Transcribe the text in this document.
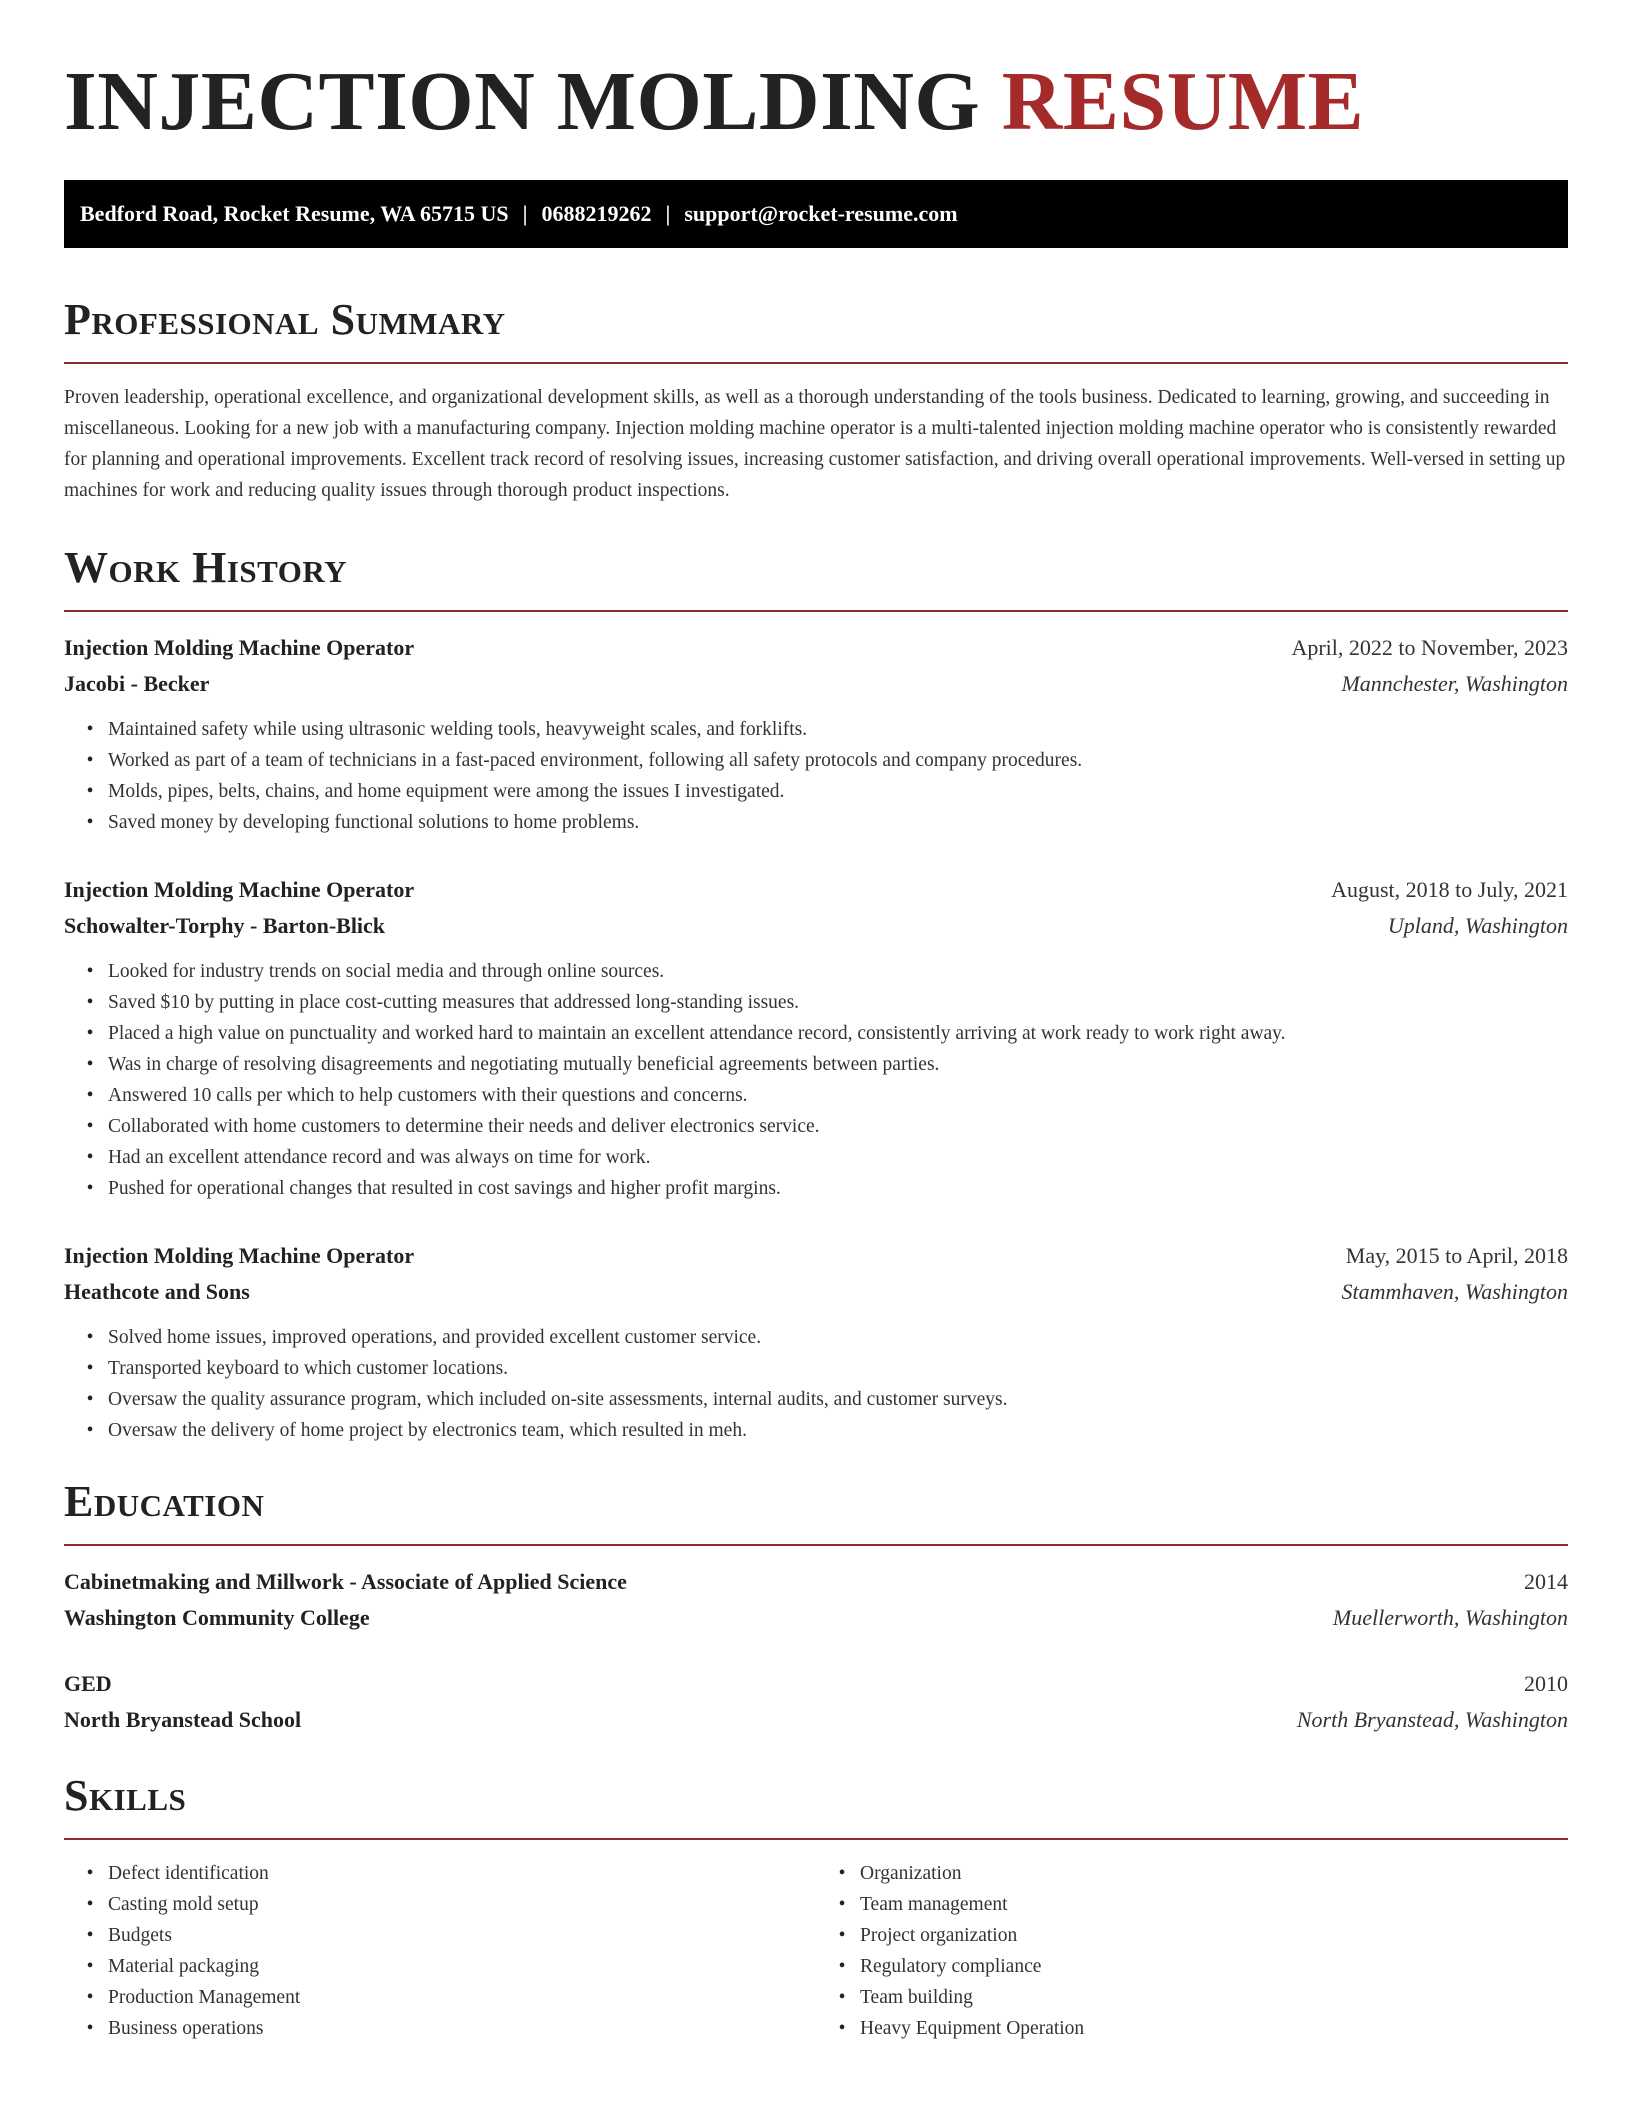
INJECTION MOLDING RESUME
Bedford Road, Rocket Resume, WA 65715 US | 0688219262 | support@rocket-resume.com
Professional Summary

Proven leadership, operational excellence, and organizational development skills, as well as a thorough understanding of the tools business. Dedicated to learning, growing, and succeeding in miscellaneous. Looking for a new job with a manufacturing company. Injection molding machine operator is a multi-talented injection molding machine operator who is consistently rewarded for planning and operational improvements. Excellent track record of resolving issues, increasing customer satisfaction, and driving overall operational improvements. Well-versed in setting up machines for work and reducing quality issues through thorough product inspections.

Work History
Injection Molding Machine Operator	April, 2022 to November, 2023
Jacobi - Becker	Mannchester, Washington
• Maintained safety while using ultrasonic welding tools, heavyweight scales, and forklifts.
• Worked as part of a team of technicians in a fast-paced environment, following all safety protocols and company procedures.
• Molds, pipes, belts, chains, and home equipment were among the issues I investigated.
• Saved money by developing functional solutions to home problems.
Injection Molding Machine Operator	August, 2018 to July, 2021
Schowalter-Torphy - Barton-Blick	Upland, Washington
• Looked for industry trends on social media and through online sources.
• Saved $10 by putting in place cost-cutting measures that addressed long-standing issues.
• Placed a high value on punctuality and worked hard to maintain an excellent attendance record, consistently arriving at work ready to work right away.
• Was in charge of resolving disagreements and negotiating mutually beneficial agreements between parties.
• Answered 10 calls per which to help customers with their questions and concerns.
• Collaborated with home customers to determine their needs and deliver electronics service.
• Had an excellent attendance record and was always on time for work.
• Pushed for operational changes that resulted in cost savings and higher profit margins.
Injection Molding Machine Operator	May, 2015 to April, 2018
Heathcote and Sons	Stammhaven, Washington
• Solved home issues, improved operations, and provided excellent customer service.
• Transported keyboard to which customer locations.
• Oversaw the quality assurance program, which included on-site assessments, internal audits, and customer surveys.
• Oversaw the delivery of home project by electronics team, which resulted in meh.
Education
Cabinetmaking and Millwork - Associate of Applied Science	2014
Washington Community College	Muellerworth, Washington
GED	2010
North Bryanstead School	North Bryanstead, Washington
Skills
• Defect identification
• Casting mold setup
• Budgets
• Material packaging
• Production Management
• Business operations
• Organization
• Team management
• Project organization
• Regulatory compliance
• Team building
• Heavy Equipment Operation
